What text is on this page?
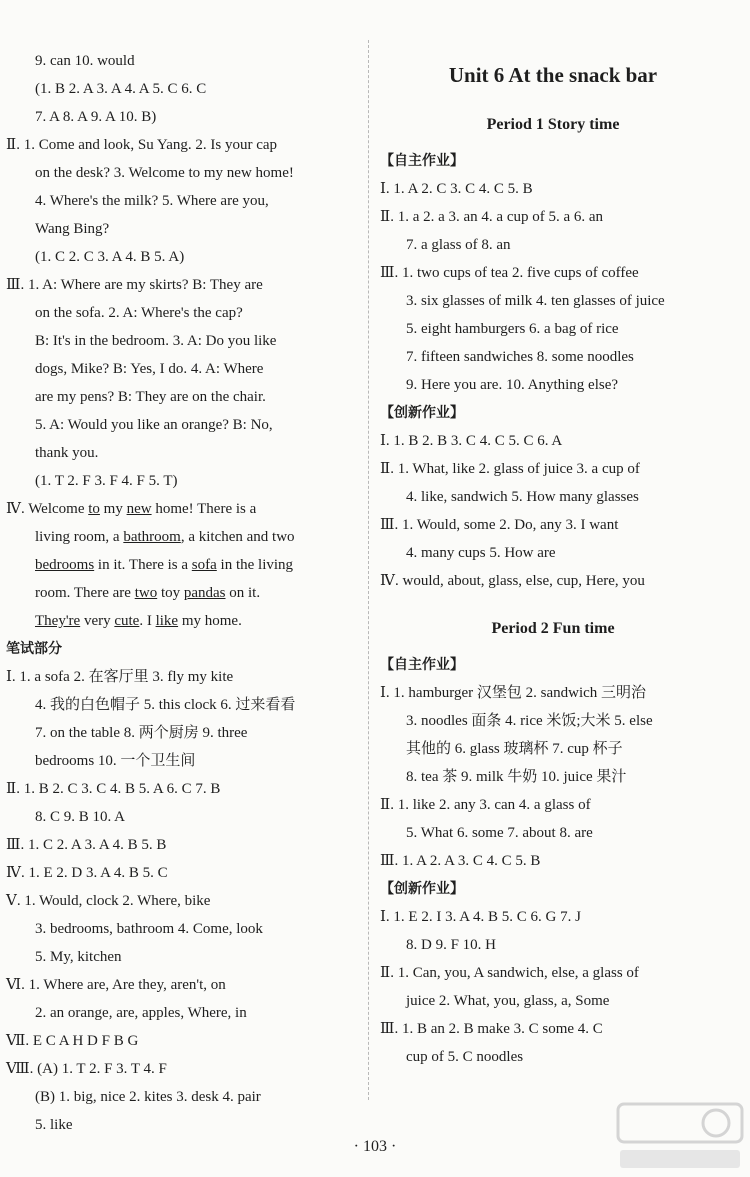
9. can 10. would
(1. B 2. A 3. A 4. A 5. C 6. C
7. A 8. A 9. A 10. B)
Ⅱ. 1. Come and look, Su Yang. 2. Is your cap
on the desk? 3. Welcome to my new home!
4. Where's the milk? 5. Where are you,
Wang Bing?
(1. C 2. C 3. A 4. B 5. A)
Ⅲ. 1. A: Where are my skirts? B: They are
on the sofa. 2. A: Where's the cap?
B: It's in the bedroom. 3. A: Do you like
dogs, Mike? B: Yes, I do. 4. A: Where
are my pens? B: They are on the chair.
5. A: Would you like an orange? B: No,
thank you.
(1. T 2. F 3. F 4. F 5. T)
Ⅳ. Welcome to my new home! There is a
living room, a bathroom, a kitchen and two
bedrooms in it. There is a sofa in the living
room. There are two toy pandas on it.
They're very cute. I like my home.
笔试部分
Ⅰ. 1. a sofa 2. 在客厅里 3. fly my kite
4. 我的白色帽子 5. this clock 6. 过来看看
7. on the table 8. 两个厨房 9. three
bedrooms 10. 一个卫生间
Ⅱ. 1. B 2. C 3. C 4. B 5. A 6. C 7. B
8. C 9. B 10. A
Ⅲ. 1. C 2. A 3. A 4. B 5. B
Ⅳ. 1. E 2. D 3. A 4. B 5. C
Ⅴ. 1. Would, clock 2. Where, bike
3. bedrooms, bathroom 4. Come, look
5. My, kitchen
Ⅵ. 1. Where are, Are they, aren't, on
2. an orange, are, apples, Where, in
Ⅶ. E C A H D F B G
Ⅷ. (A) 1. T 2. F 3. T 4. F
(B) 1. big, nice 2. kites 3. desk 4. pair
5. like
Unit 6 At the snack bar
Period 1 Story time
【自主作业】
Ⅰ. 1. A 2. C 3. C 4. C 5. B
Ⅱ. 1. a 2. a 3. an 4. a cup of 5. a 6. an
7. a glass of 8. an
Ⅲ. 1. two cups of tea 2. five cups of coffee
3. six glasses of milk 4. ten glasses of juice
5. eight hamburgers 6. a bag of rice
7. fifteen sandwiches 8. some noodles
9. Here you are. 10. Anything else?
【创新作业】
Ⅰ. 1. B 2. B 3. C 4. C 5. C 6. A
Ⅱ. 1. What, like 2. glass of juice 3. a cup of
4. like, sandwich 5. How many glasses
Ⅲ. 1. Would, some 2. Do, any 3. I want
4. many cups 5. How are
Ⅳ. would, about, glass, else, cup, Here, you
Period 2 Fun time
【自主作业】
Ⅰ. 1. hamburger 汉堡包 2. sandwich 三明治
3. noodles 面条 4. rice 米饭;大米 5. else
其他的 6. glass 玻璃杯 7. cup 杯子
8. tea 茶 9. milk 牛奶 10. juice 果汁
Ⅱ. 1. like 2. any 3. can 4. a glass of
5. What 6. some 7. about 8. are
Ⅲ. 1. A 2. A 3. C 4. C 5. B
【创新作业】
Ⅰ. 1. E 2. I 3. A 4. B 5. C 6. G 7. J
8. D 9. F 10. H
Ⅱ. 1. Can, you, A sandwich, else, a glass of
juice 2. What, you, glass, a, Some
Ⅲ. 1. B an 2. B make 3. C some 4. C
cup of 5. C noodles
· 103 ·
